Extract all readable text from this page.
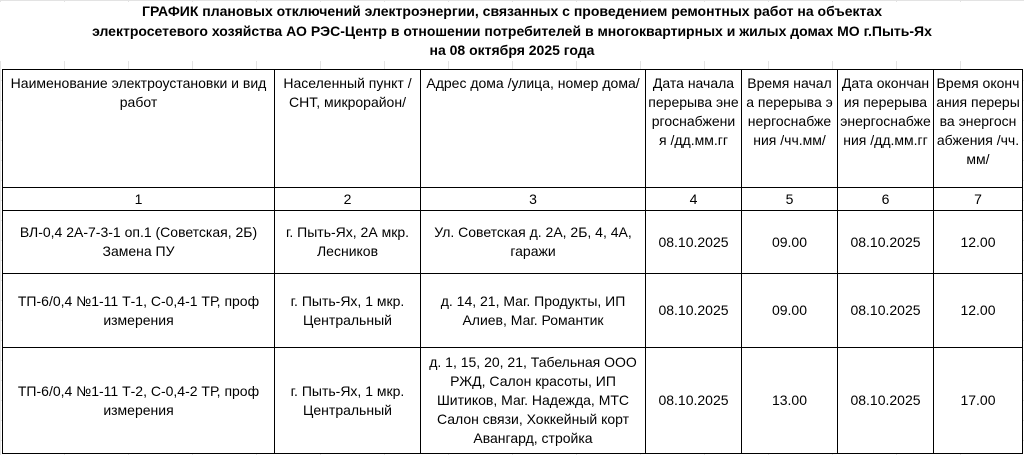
ГРАФИК плановых отключений электроэнергии, связанных с проведением ремонтных работ на объектах
электросетевого хозяйства АО РЭС-Центр в отношении потребителей в многоквартирных и жилых домах МО г.Пыть-Ях
на 08 октября 2025 года
Наименование электроустановки и вид работ	Населенный пункт /СНТ, микрорайон/	Адрес дома /улица, номер дома/	Дата начала перерыва энергоснабжения /дд.мм.гг	Время начала перерыва энергоснабжения /чч.мм/	Дата окончания перерыва энергоснабжения /дд.мм.гг	Время окончания перерыва энергоснабжения /чч.мм/
1	2	3	4	5	6	7
ВЛ-0,4 2А-7-3-1 оп.1 (Советская, 2Б) Замена ПУ	г. Пыть-Ях, 2А мкр. Лесников	Ул. Советская д. 2А, 2Б, 4, 4А, гаражи	08.10.2025	09.00	08.10.2025	12.00
ТП-6/0,4 №1-11 Т-1, С-0,4-1 ТР, проф измерения	г. Пыть-Ях, 1 мкр. Центральный	д. 14, 21, Маг. Продукты, ИП Алиев, Маг. Романтик	08.10.2025	09.00	08.10.2025	12.00
ТП-6/0,4 №1-11 Т-2, С-0,4-2 ТР, проф измерения	г. Пыть-Ях, 1 мкр. Центральный	д. 1, 15, 20, 21, Табельная ООО РЖД, Салон красоты, ИП Шитиков, Маг. Надежда, МТС Салон связи, Хоккейный корт Авангард, стройка	08.10.2025	13.00	08.10.2025	17.00
